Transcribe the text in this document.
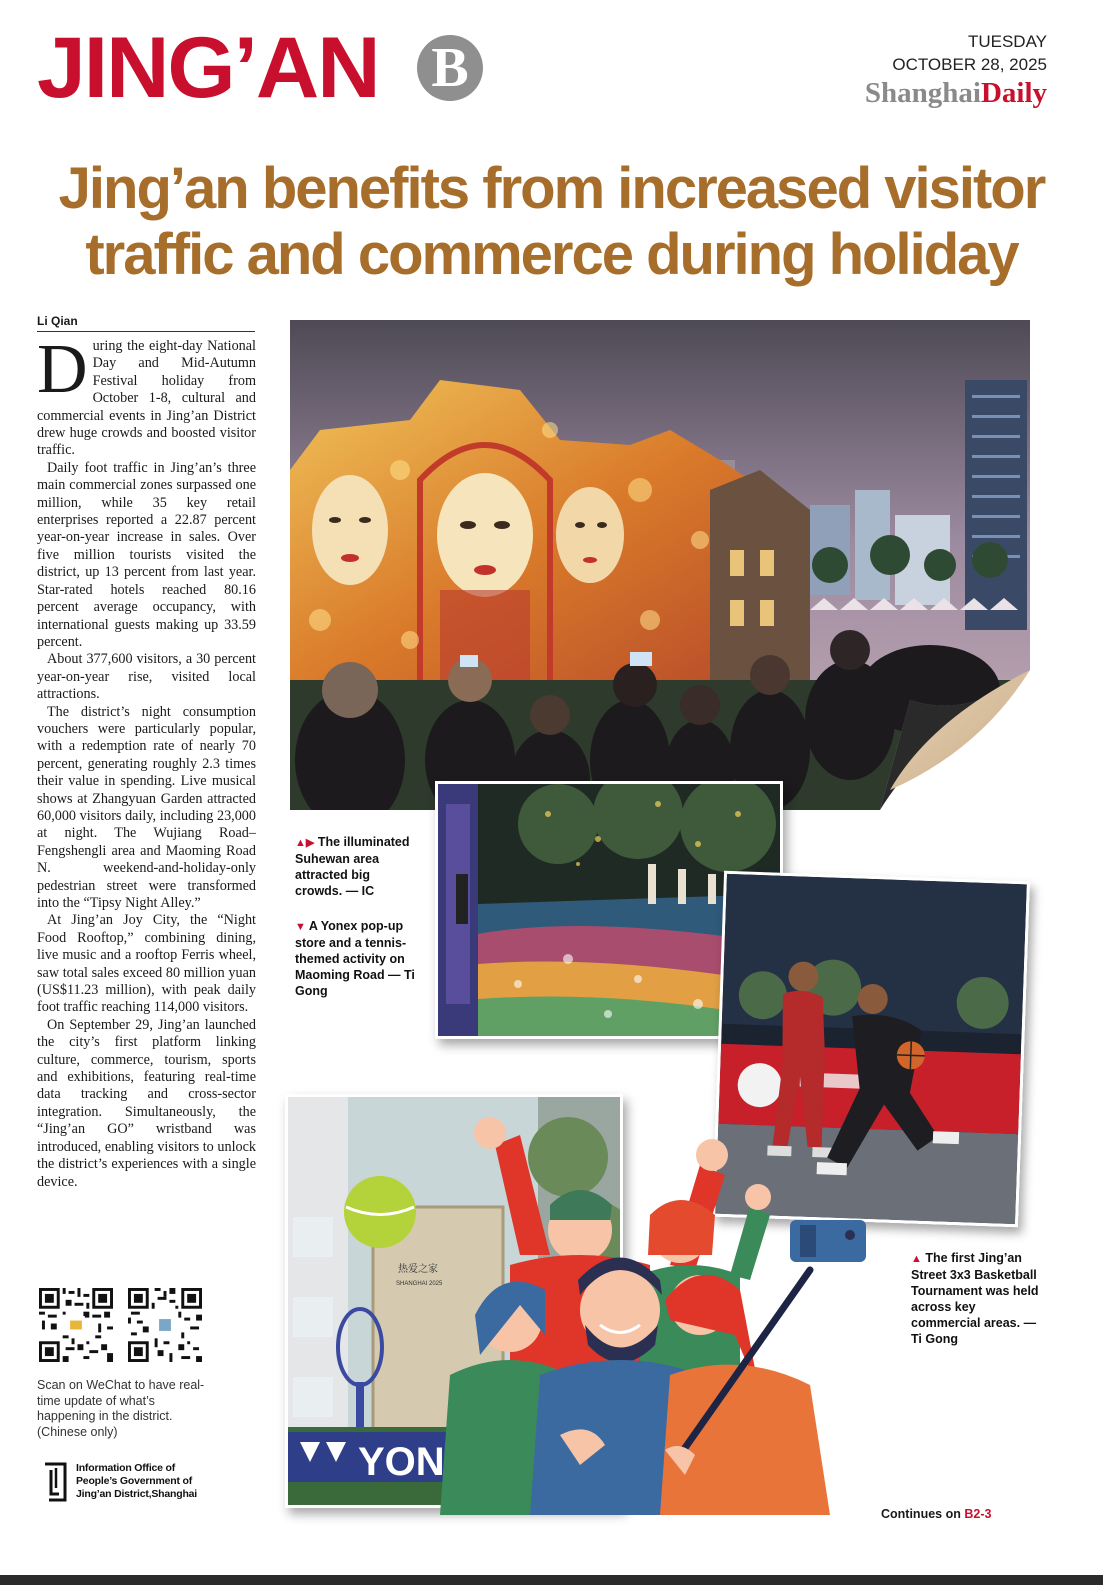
JING’AN B	TUESDAY
OCTOBER 28, 2025
ShanghaiDaily
Jing’an benefits from increased visitor
traffic and commerce during holiday
Li Qian

During the eight-day National Day and Mid-Autumn Festival holiday from October 1-8, cultural and commercial events in Jing’an District drew huge crowds and boosted visitor traffic.

Daily foot traffic in Jing’an’s three main commercial zones surpassed one million, while 35 key retail enterprises reported a 22.87 percent year-on-year increase in sales. Over five million tourists visited the district, up 13 percent from last year. Star-rated hotels reached 80.16 percent average occupancy, with international guests making up 33.59 percent.

About 377,600 visitors, a 30 percent year-on-year rise, visited local attractions.

The district’s night consumption vouchers were particularly popular, with a redemption rate of nearly 70 percent, generating roughly 2.3 times their value in spending. Live musical shows at Zhangyuan Garden attracted 60,000 visitors daily, including 23,000 at night. The Wujiang Road–Fengshengli area and Maoming Road N. weekend-and-holiday-only pedestrian street were transformed into the “Tipsy Night Alley.”

At Jing’an Joy City, the “Night Food Rooftop,” combining dining, live music and a rooftop Ferris wheel, saw total sales exceed 80 million yuan (US$11.23 million), with peak daily foot traffic reaching 114,000 visitors.

On September 29, Jing’an launched the city’s first platform linking culture, commerce, tourism, sports and exhibitions, featuring real-time data tracking and cross-sector integration. Simultaneously, the “Jing’an GO” wristband was introduced, enabling visitors to unlock the district’s experiences with a single device.

Scan on WeChat to have real-time update of what’s happening in the district. (Chinese only)
Information Office of
People’s Government of
Jing’an District,Shanghai
热爱之家
SHANGHAI 2025
YON
▲▶ The illuminated Suhewan area attracted big crowds. — IC
▼ A Yonex pop-up store and a tennis-themed activity on Maoming Road — Ti Gong
▲ The first Jing’an Street 3x3 Basketball Tournament was held across key commercial areas. — Ti Gong
Continues on B2-3
